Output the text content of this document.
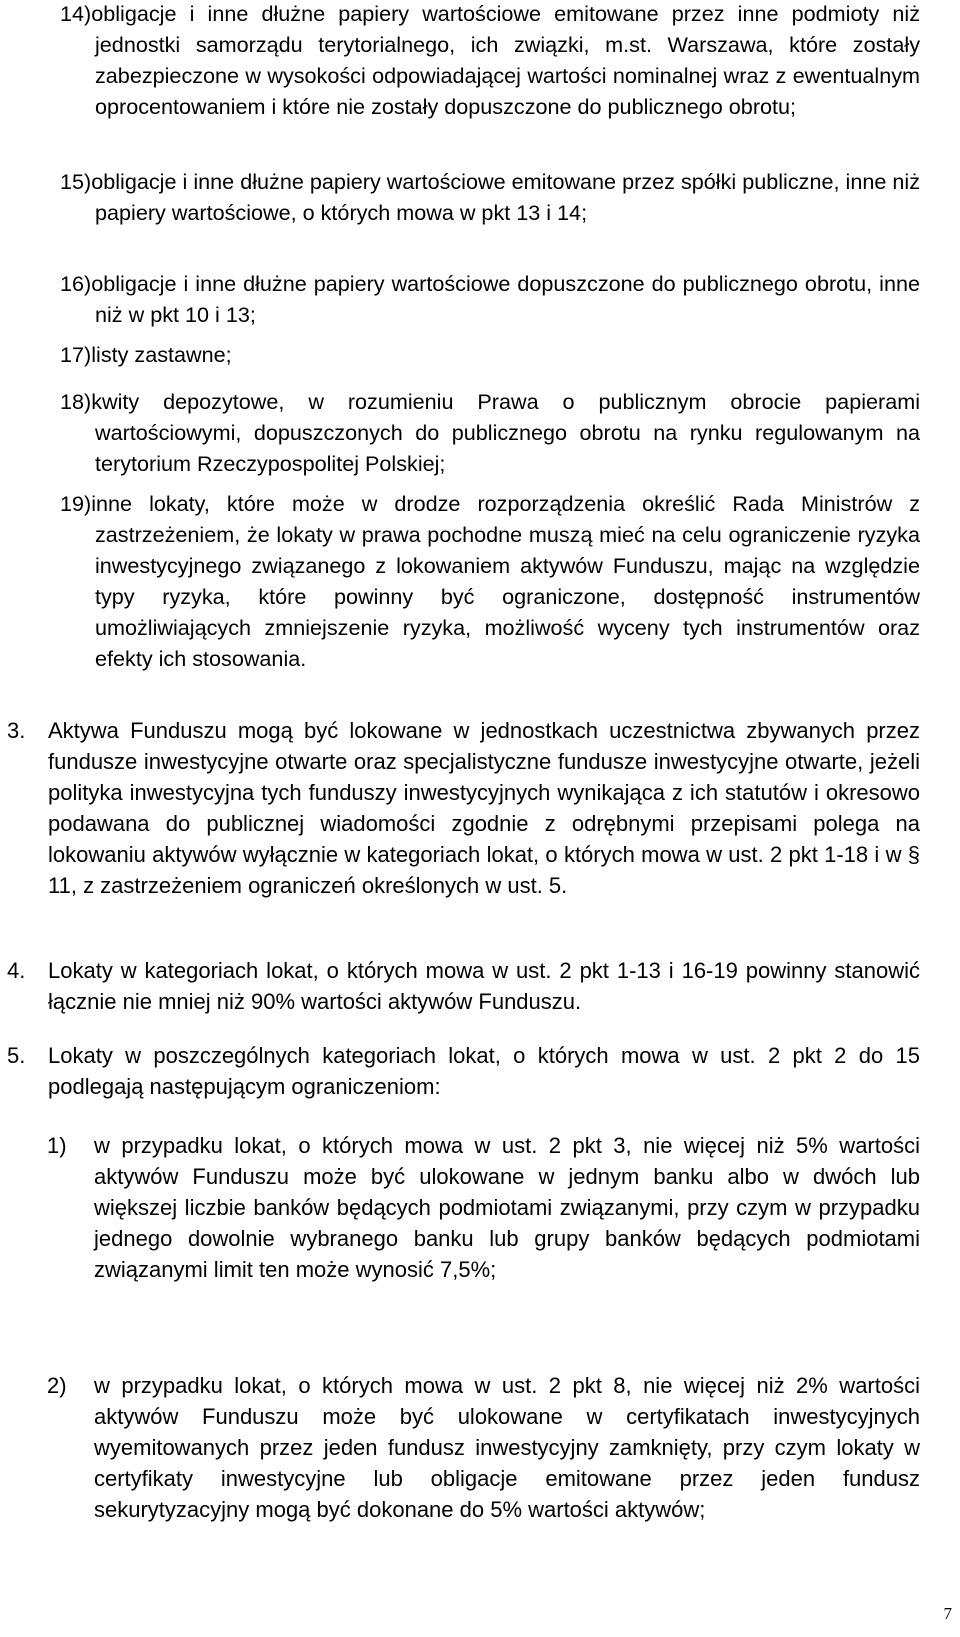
14)obligacje i inne dłużne papiery wartościowe emitowane przez inne podmioty niż jednostki samorządu terytorialnego, ich związki, m.st. Warszawa, które zostały zabezpieczone w wysokości odpowiadającej wartości nominalnej wraz z ewentualnym oprocentowaniem i które nie zostały dopuszczone do publicznego obrotu;
15)obligacje i inne dłużne papiery wartościowe emitowane przez spółki publiczne, inne niż papiery wartościowe, o których mowa w pkt 13 i 14;
16)obligacje i inne dłużne papiery wartościowe dopuszczone do publicznego obrotu, inne niż w pkt 10 i 13;
17)listy zastawne;
18)kwity depozytowe, w rozumieniu Prawa o publicznym obrocie papierami wartościowymi, dopuszczonych do publicznego obrotu na rynku regulowanym na terytorium Rzeczypospolitej Polskiej;
19)inne lokaty, które może w drodze rozporządzenia określić Rada Ministrów z zastrzeżeniem, że lokaty w prawa pochodne muszą mieć na celu ograniczenie ryzyka inwestycyjnego związanego z lokowaniem aktywów Funduszu, mając na względzie typy ryzyka, które powinny być ograniczone, dostępność instrumentów umożliwiających zmniejszenie ryzyka, możliwość wyceny tych instrumentów oraz efekty ich stosowania.
3. Aktywa Funduszu mogą być lokowane w jednostkach uczestnictwa zbywanych przez fundusze inwestycyjne otwarte oraz specjalistyczne fundusze inwestycyjne otwarte, jeżeli polityka inwestycyjna tych funduszy inwestycyjnych wynikająca z ich statutów i okresowo podawana do publicznej wiadomości zgodnie z odrębnymi przepisami polega na lokowaniu aktywów wyłącznie w kategoriach lokat, o których mowa w ust. 2 pkt 1-18 i w § 11, z zastrzeżeniem ograniczeń określonych w ust. 5.
4. Lokaty w kategoriach lokat, o których mowa w ust. 2 pkt 1-13 i 16-19 powinny stanowić łącznie nie mniej niż 90% wartości aktywów Funduszu.
5. Lokaty w poszczególnych kategoriach lokat, o których mowa w ust. 2 pkt 2 do 15 podlegają następującym ograniczeniom:
1) w przypadku lokat, o których mowa w ust. 2 pkt 3, nie więcej niż 5% wartości aktywów Funduszu może być ulokowane w jednym banku albo w dwóch lub większej liczbie banków będących podmiotami związanymi, przy czym w przypadku jednego dowolnie wybranego banku lub grupy banków będących podmiotami związanymi limit ten może wynosić 7,5%;
2) w przypadku lokat, o których mowa w ust. 2 pkt 8, nie więcej niż 2% wartości aktywów Funduszu może być ulokowane w certyfikatach inwestycyjnych wyemitowanych przez jeden fundusz inwestycyjny zamknięty, przy czym lokaty w certyfikaty inwestycyjne lub obligacje emitowane przez jeden fundusz sekurytyzacyjny mogą być dokonane do 5% wartości aktywów;
7
